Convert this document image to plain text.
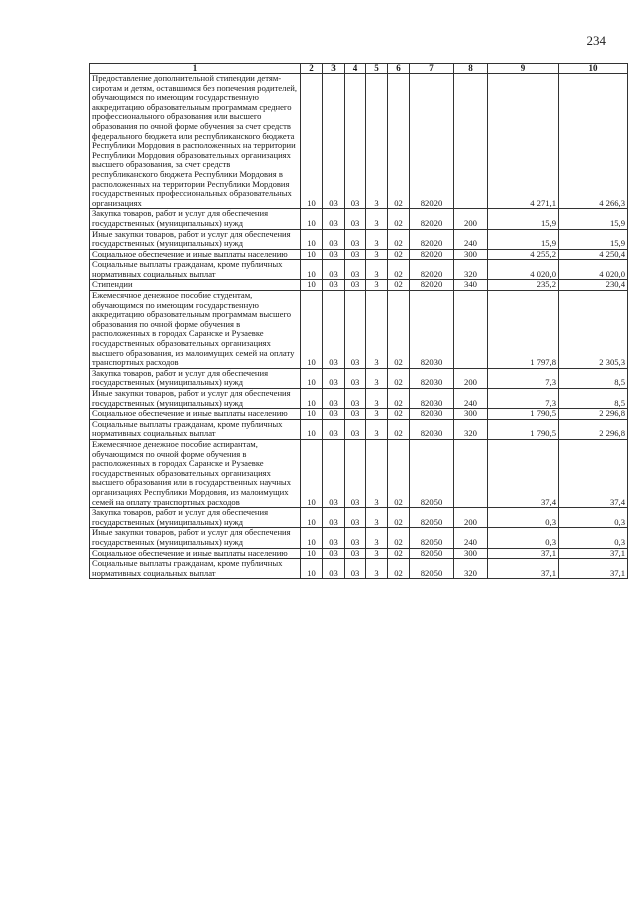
234
1	2	3	4	5	6	7	8	9	10
Предоставление дополнительной стипендии детям-сиротам и детям, оставшимся без попечения родителей, обучающимся по имеющим государственную аккредитацию образовательным программам среднего профессионального образования или высшего образования по очной форме обучения за счет средств федерального бюджета или республиканского бюджета Республики Мордовия в расположенных на территории Республики Мордовия образовательных организациях высшего образования, за счет средств республиканского бюджета Республики Мордовия в расположенных на территории Республики Мордовия государственных профессиональных образовательных организациях	10	03	03	3	02	82020		4 271,1	4 266,3
Закупка товаров, работ и услуг для обеспечения государственных (муниципальных) нужд	10	03	03	3	02	82020	200	15,9	15,9
Иные закупки товаров, работ и услуг для обеспечения государственных (муниципальных) нужд	10	03	03	3	02	82020	240	15,9	15,9
Социальное обеспечение и иные выплаты населению	10	03	03	3	02	82020	300	4 255,2	4 250,4
Социальные выплаты гражданам, кроме публичных нормативных социальных выплат	10	03	03	3	02	82020	320	4 020,0	4 020,0
Стипендии	10	03	03	3	02	82020	340	235,2	230,4
Ежемесячное денежное пособие студентам, обучающимся по имеющим государственную аккредитацию образовательным программам высшего образования по очной форме обучения в расположенных в городах Саранске и Рузаевке государственных образовательных организациях высшего образования, из малоимущих семей на оплату транспортных расходов	10	03	03	3	02	82030		1 797,8	2 305,3
Закупка товаров, работ и услуг для обеспечения государственных (муниципальных) нужд	10	03	03	3	02	82030	200	7,3	8,5
Иные закупки товаров, работ и услуг для обеспечения государственных (муниципальных) нужд	10	03	03	3	02	82030	240	7,3	8,5
Социальное обеспечение и иные выплаты населению	10	03	03	3	02	82030	300	1 790,5	2 296,8
Социальные выплаты гражданам, кроме публичных нормативных социальных выплат	10	03	03	3	02	82030	320	1 790,5	2 296,8
Ежемесячное денежное пособие аспирантам, обучающимся по очной форме обучения в расположенных в городах Саранске и Рузаевке государственных образовательных организациях высшего образования или в государственных научных организациях Республики Мордовия, из малоимущих семей на оплату транспортных расходов	10	03	03	3	02	82050		37,4	37,4
Закупка товаров, работ и услуг для обеспечения государственных (муниципальных) нужд	10	03	03	3	02	82050	200	0,3	0,3
Иные закупки товаров, работ и услуг для обеспечения государственных (муниципальных) нужд	10	03	03	3	02	82050	240	0,3	0,3
Социальное обеспечение и иные выплаты населению	10	03	03	3	02	82050	300	37,1	37,1
Социальные выплаты гражданам, кроме публичных нормативных социальных выплат	10	03	03	3	02	82050	320	37,1	37,1
